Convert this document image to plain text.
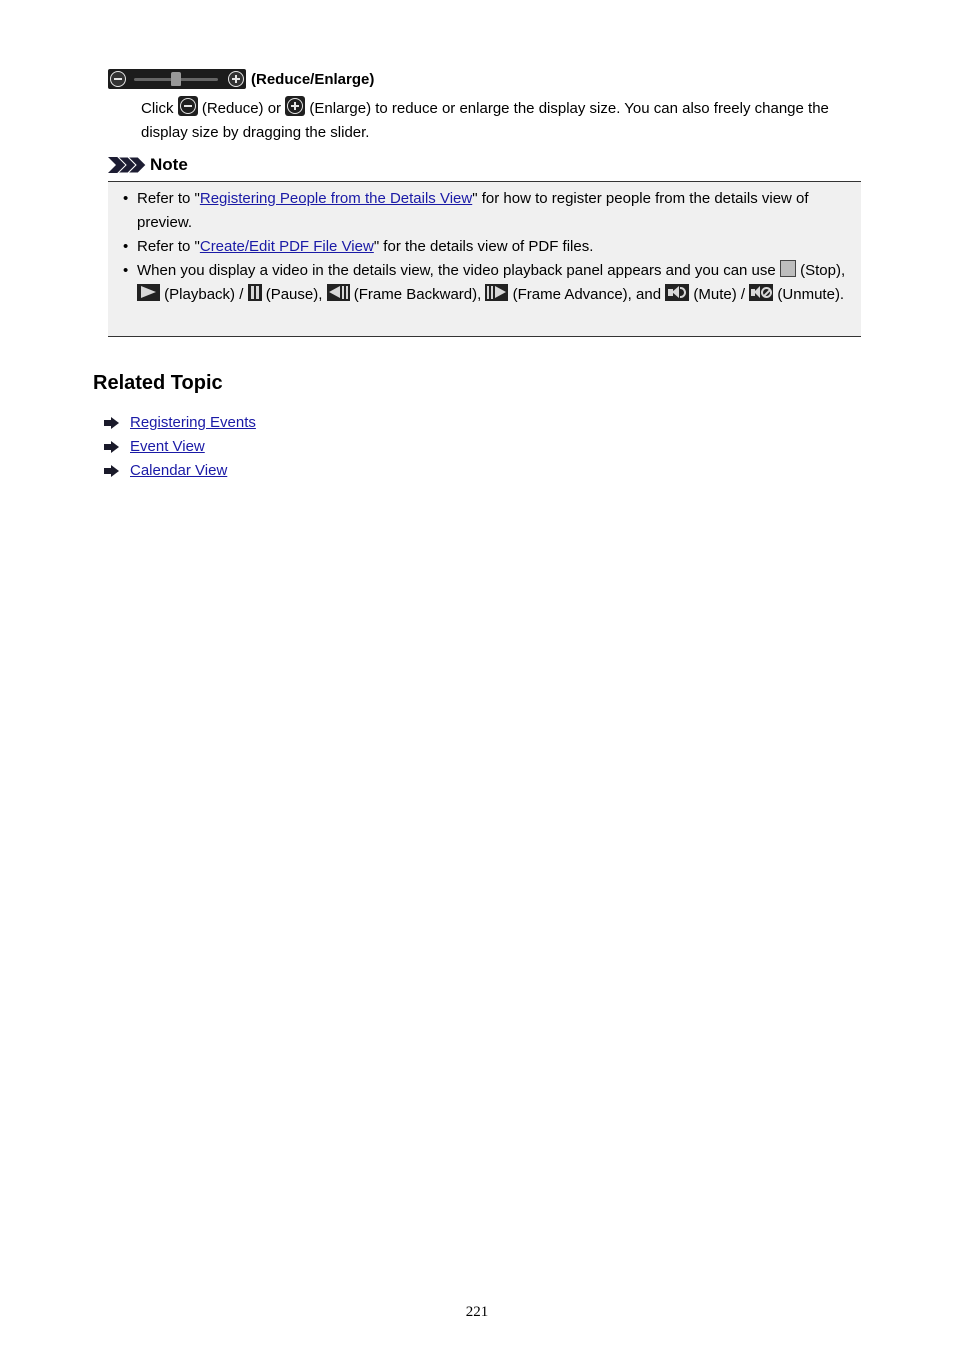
(Reduce/Enlarge)
Click (Reduce) or (Enlarge) to reduce or enlarge the display size. You can also freely change the display size by dragging the slider.
Note
• Refer to "Registering People from the Details View" for how to register people from the details view of preview.
• Refer to "Create/Edit PDF File View" for the details view of PDF files.
• When you display a video in the details view, the video playback panel appears and you can use (Stop),  (Playback) / (Pause), (Frame Backward), (Frame Advance), and (Mute) / (Unmute).
Related Topic
Registering Events
Event View
Calendar View
221
